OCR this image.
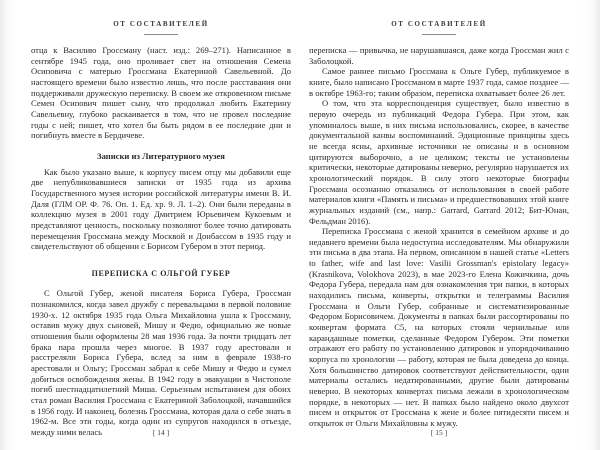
ОТ СОСТАВИТЕЛЕЙ

отца к Василию Гроссману (наст. изд.: 269–271). Написанное в сентябре 1945 года, оно проливает свет на отношения Семена Осиповича с матерью Гроссмана Екатериной Савельевной. До настоящего времени было известно лишь, что после расставания они поддерживали дружескую переписку. В своем же откровенном письме Семен Осипович пишет сыну, что продолжал любить Екатерину Савельевну, глубоко раскаивается в том, что не провел последние годы с ней; пишет, что хотел бы быть рядом в ее последние дни и погибнуть вместе в Бердичеве.

Записки из Литературного музея

Как было указано выше, к корпусу писем отцу мы добавили еще две непубликовавшиеся записки от 1935 года из архива Государственного музея истории российской литературы имени В. И. Даля (ГЛМ ОР. Ф. 76. Оп. 1. Ед. хр. 9. Л. 1–2). Они были переданы в коллекцию музея в 2001 году Дмитрием Юрьевичем Кукоевым и представляют ценность, поскольку позволяют более точно датировать перемещения Гроссмана между Москвой и Донбассом в 1935 году и свидетельствуют об общении с Борисом Губером в этот период.

ПЕРЕПИСКА С ОЛЬГОЙ ГУБЕР

С Ольгой Губер, женой писателя Бориса Губера, Гроссман познакомился, когда завел дружбу с перевальцами в первой половине 1930-х. 12 октября 1935 года Ольга Михайловна ушла к Гроссману, оставив мужу двух сыновей, Мишу и Федю, официально же новые отношения были оформлены 28 мая 1936 года. За почти тридцать лет брака пара прошла через многое. В 1937 году арестовали и расстреляли Бориса Губера, вслед за ним в феврале 1938-го арестовали и Ольгу; Гроссман забрал к себе Мишу и Федю и сумел добиться освобождения жены. В 1942 году в эвакуации в Чистополе погиб шестнадцатилетний Миша. Серьезным испытанием для обоих стал роман Василия Гроссмана с Екатериной Заболоцкой, начавшийся в 1956 году. И наконец, болезнь Гроссмана, которая дала о себе знать в 1962-м. Все эти годы, когда один из супругов находился в отъезде, между ними велась	[ 14 ]
ОТ СОСТАВИТЕЛЕЙ

переписка — привычка, не нарушавшаяся, даже когда Гроссман жил с Заболоцкой.

Самое раннее письмо Гроссмана к Ольге Губер, публикуемое в книге, было написано Гроссманом в марте 1937 года, самое позднее — в октябре 1963-го; таким образом, переписка охватывает более 26 лет.

О том, что эта корреспонденция существует, было известно в первую очередь из публикаций Федора Губера. При этом, как упоминалось выше, в них письма использовались, скорее, в качестве документальной канвы воспоминаний. Эдиционные принципы здесь не всегда ясны, архивные источники не описаны и в основном цитируются выборочно, а не целиком; тексты не установлены критически, некоторые датированы неверно, регулярно нарушается их хронологический порядок. В силу этого некоторые биографы Гроссмана осознанно отказались от использования в своей работе материалов книги «Память и письма» и предшествовавших этой книге журнальных изданий (см., напр.: Garrard, Garrard 2012; Бит-Юнан, Фельдман 2016).

Переписка Гроссмана с женой хранится в семейном архиве и до недавнего времени была недоступна исследователям. Мы обнаружили эти письма в два этапа. На первом, описанном в нашей статье «Letters to father, wife and last love: Vasilii Grossman's epistolary legacy» (Krasnikova, Volokhova 2023), в мае 2023-го Елена Кожичкина, дочь Федора Губера, передала нам для ознакомления три папки, в которых находились письма, конверты, открытки и телеграммы Василия Гроссмана и Ольги Губер, собранные и систематизированные Федором Борисовичем. Документы в папках были рассортированы по конвертам формата С5, на которых стояли чернильные или карандашные пометки, сделанные Федором Губером. Эти пометки отражают его работу по установлению датировок и упорядочиванию корпуса по хронологии — работу, которая не была доведена до конца. Хотя большинство датировок соответствуют действительности, одни материалы остались недатированными, другие были датированы неверно. В некоторых конвертах письма лежали в хронологическом порядке, в некоторых — нет. В папках было найдено около двухсот писем и открыток от Гроссмана к жене и более пятидесяти писем и открыток от Ольги Михайловны к мужу.

[ 15 ]
